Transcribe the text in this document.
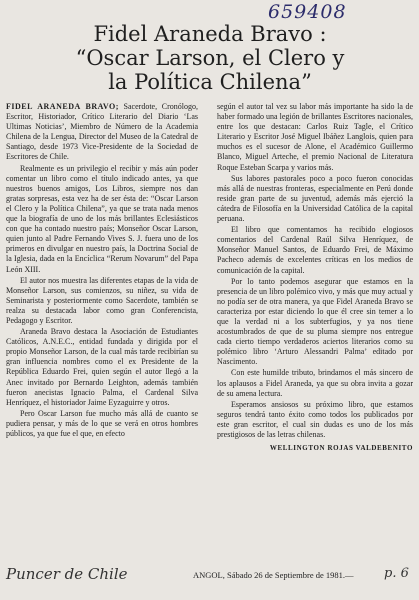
659408
Fidel Araneda Bravo :
“Oscar Larson, el Clero y
la Política Chilena”

FIDEL ARANEDA BRAVO; Sacerdote, Cronólogo, Escritor, Historiador, Crítico Literario del Diario ‘Las Ultimas Noticias’, Miembro de Número de la Academia Chilena de la Lengua, Director del Museo de la Catedral de Santiago, desde 1973 Vice-Presidente de la Sociedad de Escritores de Chile.

Realmente es un privilegio el recibir y más aún poder comentar un libro como el título indicado antes, ya que nuestros buenos amigos, Los Libros, siempre nos dan gratas sorpresas, esta vez ha de ser ésta de: “Oscar Larson el Clero y la Política Chilena”, ya que se trata nada menos que la biografía de uno de los más brillantes Eclesiásticos con que ha contado nuestro país; Monseñor Oscar Larson, quien junto al Padre Fernando Vives S. J. fuera uno de los primeros en divulgar en nuestro país, la Doctrina Social de la Iglesia, dada en la Encíclica “Rerum Novarum” del Papa León XIII.

El autor nos muestra las diferentes etapas de la vida de Monseñor Larson, sus comienzos, su niñez, su vida de Seminarista y posteriormente como Sacerdote, también se realza su destacada labor como gran Conferencista, Pedagogo y Escritor.

Araneda Bravo destaca la Asociación de Estudiantes Católicos, A.N.E.C., entidad fundada y dirigida por el propio Monseñor Larson, de la cual más tarde recibirían su gran influencia nombres como el ex Presidente de la República Eduardo Frei, quien según el autor llegó a la Anec invitado por Bernardo Leighton, además también fueron anecistas Ignacio Palma, el Cardenal Silva Henríquez, el historiador Jaime Eyzaguirre y otros.

Pero Oscar Larson fue mucho más allá de cuanto se pudiera pensar, y más de lo que se verá en otros hombres públicos, ya que fue el que, en efecto

según el autor tal vez su labor más importante ha sido la de haber formado una legión de brillantes Escritores nacionales, entre los que destacan: Carlos Ruiz Tagle, el Crítico Literario y Escritor José Miguel Ibáñez Langlois, quien para muchos es el sucesor de Alone, el Académico Guillermo Blanco, Miguel Arteche, el premio Nacional de Literatura Roque Esteban Scarpa y varios más.

Sus labores pastorales poco a poco fueron conocidas más allá de nuestras fronteras, especialmente en Perú donde reside gran parte de su juventud, además más ejerció la cátedra de Filosofía en la Universidad Católica de la capital peruana.

El libro que comentamos ha recibido elogiosos comentarios del Cardenal Raúl Silva Henríquez, de Monseñor Manuel Santos, de Eduardo Frei, de Máximo Pacheco además de excelentes críticas en los medios de comunicación de la capital.

Por lo tanto podemos asegurar que estamos en la presencia de un libro polémico vivo, y más que muy actual y no podía ser de otra manera, ya que Fidel Araneda Bravo se caracteriza por estar diciendo lo que él cree sin temer a lo que la verdad ni a los subterfugios, y ya nos tiene acostumbrados de que de su pluma siempre nos entregue cada cierto tiempo verdaderos aciertos literarios como su polémico libro ‘Arturo Alessandri Palma’ editado por Nascimento.

Con este humilde tributo, brindamos el más sincero de los aplausos a Fidel Araneda, ya que su obra invita a gozar de su amena lectura.

Esperamos ansiosos su próximo libro, que estamos seguros tendrá tanto éxito como todos los publicados por este gran escritor, el cual sin dudas es uno de los más prestigiosos de las letras chilenas.

WELLINGTON ROJAS VALDEBENITO

Puncer de Chile	ANGOL, Sábado 26 de Septiembre de 1981.—	p. 6
